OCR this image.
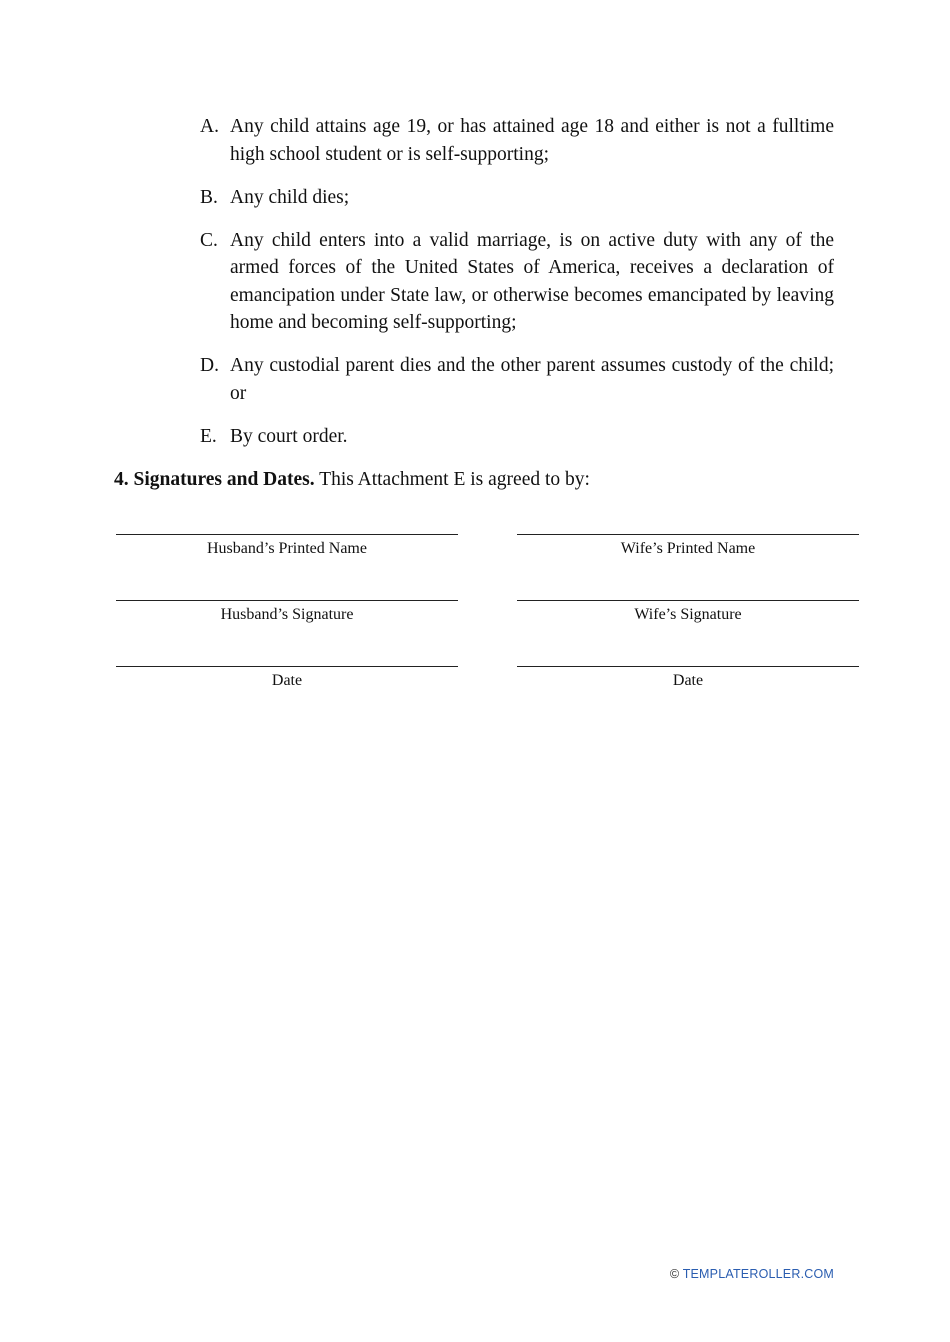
A. Any child attains age 19, or has attained age 18 and either is not a fulltime high school student or is self-supporting;
B. Any child dies;
C. Any child enters into a valid marriage, is on active duty with any of the armed forces of the United States of America, receives a declaration of emancipation under State law, or otherwise becomes emancipated by leaving home and becoming self-supporting;
D. Any custodial parent dies and the other parent assumes custody of the child; or
E. By court order.
4. Signatures and Dates. This Attachment E is agreed to by:
Husband’s Printed Name	Wife’s Printed Name
Husband’s Signature	Wife’s Signature
Date	Date
© TEMPLATEROLLER.COM
